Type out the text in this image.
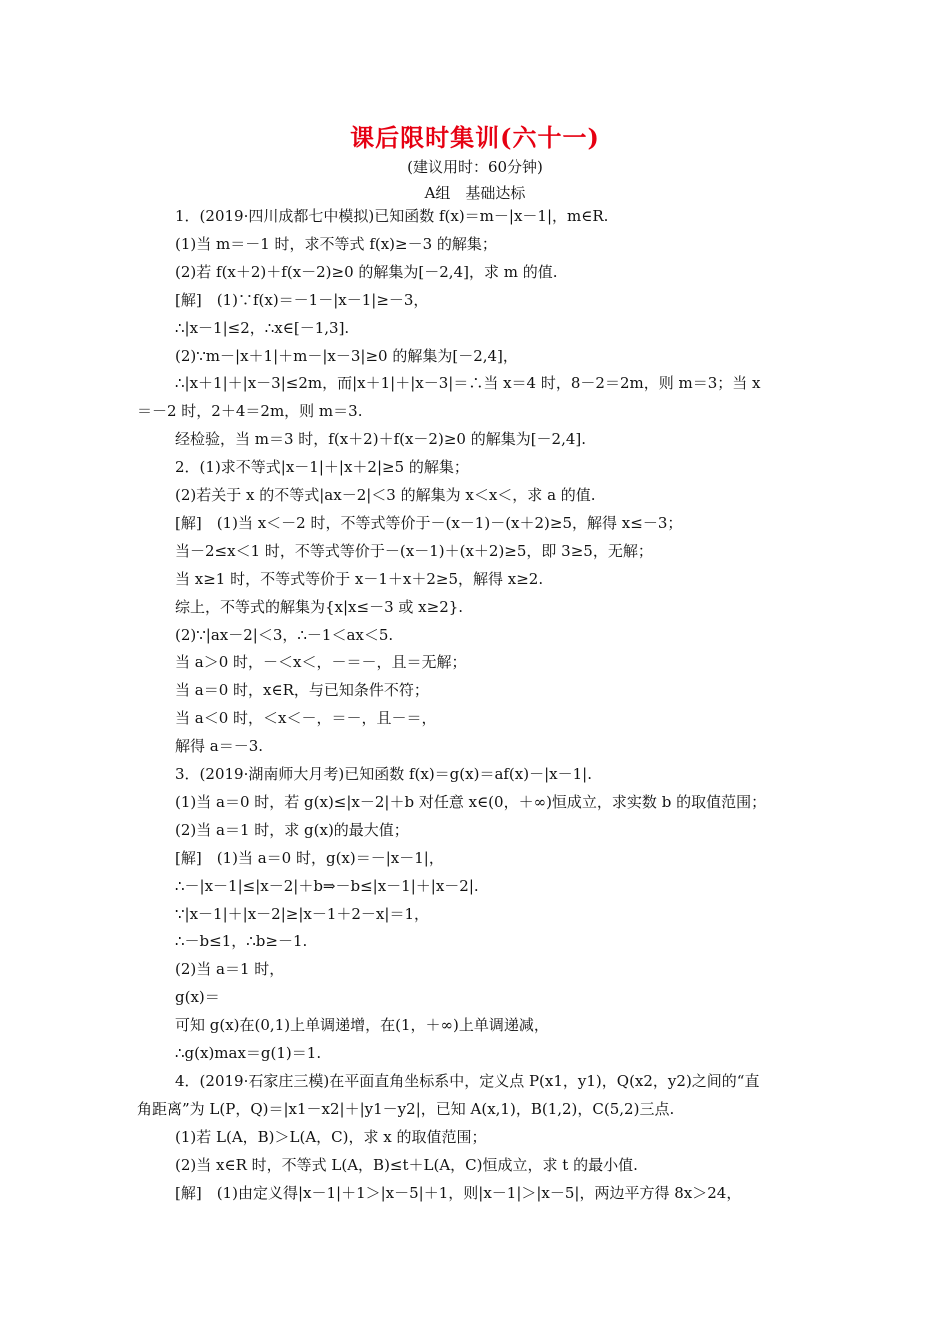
课后限时集训(六十一)
(建议用时：60分钟)
A组　基础达标
1．(2019·四川成都七中模拟)已知函数 f(x)＝m－|x－1|，m∈R.
(1)当 m＝－1 时，求不等式 f(x)≥－3 的解集；
(2)若 f(x＋2)＋f(x－2)≥0 的解集为[－2,4]，求 m 的值.
[解]　(1)∵f(x)＝－1－|x－1|≥－3，
∴|x－1|≤2，∴x∈[－1,3].
(2)∵m－|x＋1|＋m－|x－3|≥0 的解集为[－2,4]，
∴|x＋1|＋|x－3|≤2m，而|x＋1|＋|x－3|＝∴当 x＝4 时，8－2＝2m，则 m＝3；当 x
＝－2 时，2＋4＝2m，则 m＝3.
经检验，当 m＝3 时，f(x＋2)＋f(x－2)≥0 的解集为[－2,4].
2．(1)求不等式|x－1|＋|x＋2|≥5 的解集；
(2)若关于 x 的不等式|ax－2|＜3 的解集为 x＜x＜，求 a 的值.
[解]　(1)当 x＜－2 时，不等式等价于－(x－1)－(x＋2)≥5，解得 x≤－3；
当－2≤x＜1 时，不等式等价于－(x－1)＋(x＋2)≥5，即 3≥5，无解；
当 x≥1 时，不等式等价于 x－1＋x＋2≥5，解得 x≥2.
综上，不等式的解集为{x|x≤－3 或 x≥2}.
(2)∵|ax－2|＜3，∴－1＜ax＜5.
当 a＞0 时，－＜x＜，－＝－，且＝无解；
当 a＝0 时，x∈R，与已知条件不符；
当 a＜0 时，＜x＜－，＝－，且－＝，
解得 a＝－3.
3．(2019·湖南师大月考)已知函数 f(x)＝g(x)＝af(x)－|x－1|.
(1)当 a＝0 时，若 g(x)≤|x－2|＋b 对任意 x∈(0，＋∞)恒成立，求实数 b 的取值范围；
(2)当 a＝1 时，求 g(x)的最大值；
[解]　(1)当 a＝0 时，g(x)＝－|x－1|，
∴－|x－1|≤|x－2|＋b⇒－b≤|x－1|＋|x－2|.
∵|x－1|＋|x－2|≥|x－1＋2－x|＝1，
∴－b≤1，∴b≥－1.
(2)当 a＝1 时，
g(x)＝
可知 g(x)在(0,1)上单调递增，在(1，＋∞)上单调递减，
∴g(x)max＝g(1)＝1.
4．(2019·石家庄三模)在平面直角坐标系中，定义点 P(x1，y1)，Q(x2，y2)之间的“直
角距离”为 L(P，Q)＝|x1－x2|＋|y1－y2|，已知 A(x,1)，B(1,2)，C(5,2)三点.
(1)若 L(A，B)＞L(A，C)，求 x 的取值范围；
(2)当 x∈R 时，不等式 L(A，B)≤t＋L(A，C)恒成立，求 t 的最小值.
[解]　(1)由定义得|x－1|＋1＞|x－5|＋1，则|x－1|＞|x－5|，两边平方得 8x＞24，
